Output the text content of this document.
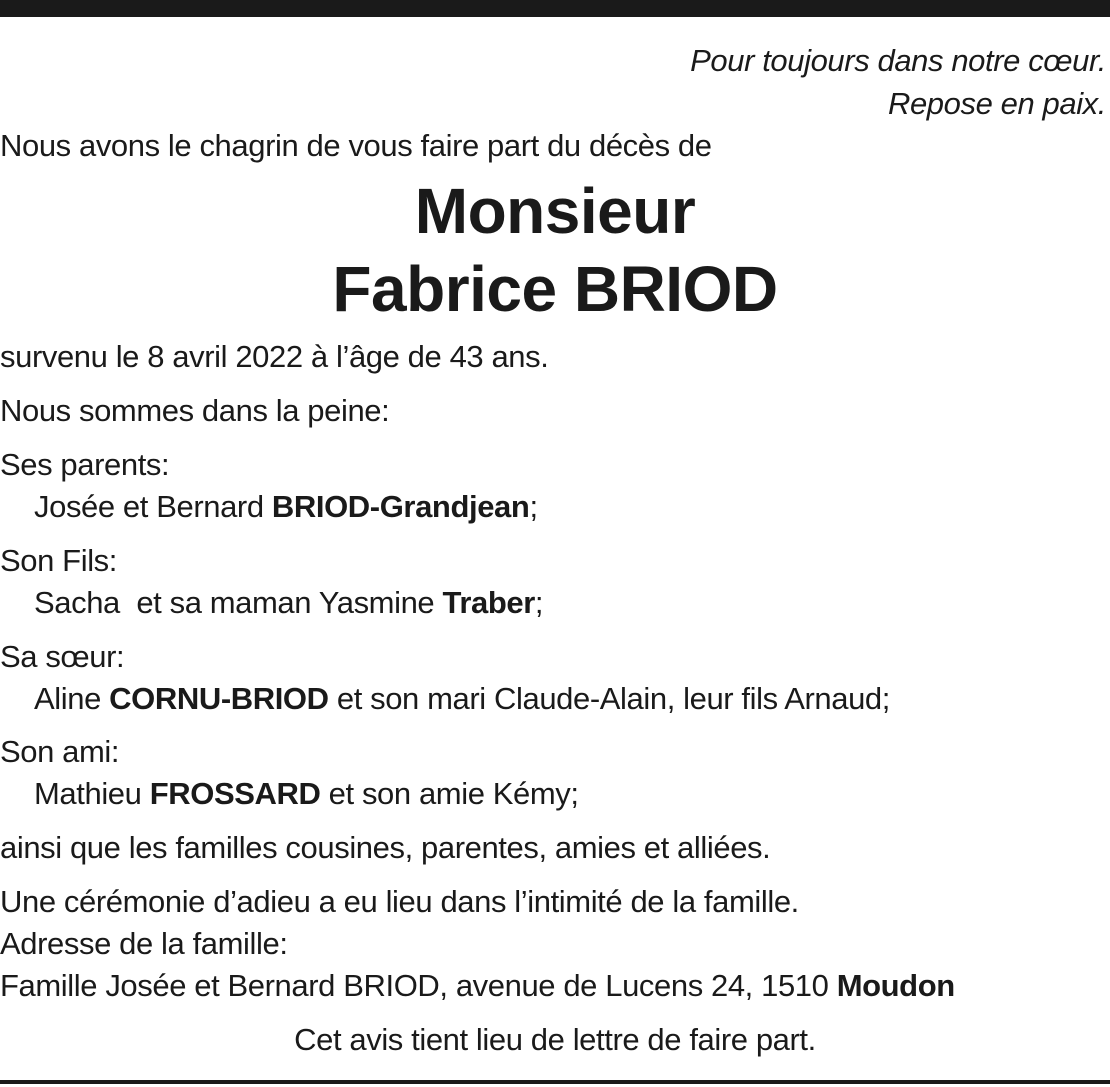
Pour toujours dans notre cœur.
Repose en paix.
Nous avons le chagrin de vous faire part du décès de
Monsieur
Fabrice BRIOD
survenu le 8 avril 2022 à l’âge de 43 ans.
Nous sommes dans la peine:
Ses parents:
Josée et Bernard BRIOD-Grandjean;
Son Fils:
Sacha  et sa maman Yasmine Traber;
Sa sœur:
Aline CORNU-BRIOD et son mari Claude-Alain, leur fils Arnaud;
Son ami:
Mathieu FROSSARD et son amie Kémy;
ainsi que les familles cousines, parentes, amies et alliées.
Une cérémonie d’adieu a eu lieu dans l’intimité de la famille.
Adresse de la famille:
Famille Josée et Bernard BRIOD, avenue de Lucens 24, 1510 Moudon
Cet avis tient lieu de lettre de faire part.
